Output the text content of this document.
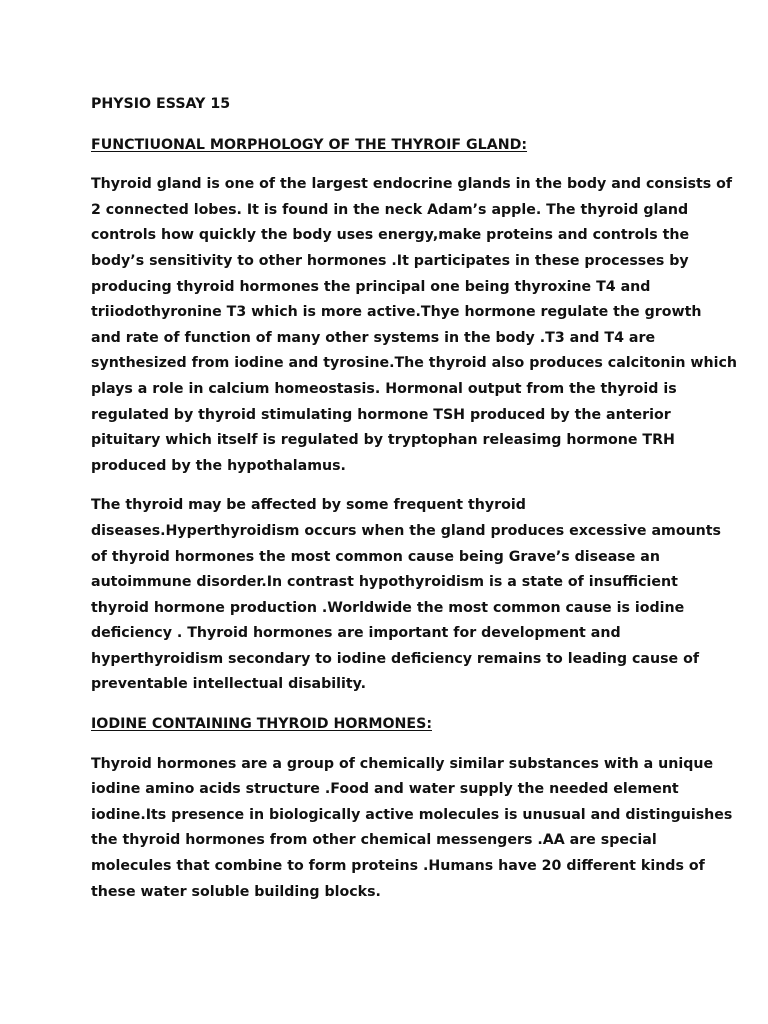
PHYSIO ESSAY 15
FUNCTIUONAL MORPHOLOGY OF THE THYROIF GLAND:
Thyroid gland is one of the largest endocrine glands in the body and consists of
2 connected lobes. It is found in the neck Adam’s apple. The thyroid gland
controls how quickly the body uses energy,make proteins and controls the
body’s sensitivity to other hormones .It participates in these processes by
producing thyroid hormones the principal one being thyroxine T4 and
triiodothyronine T3 which is more active.Thye hormone regulate the growth
and rate of function of many other systems in the body .T3 and T4 are
synthesized from iodine and tyrosine.The thyroid also produces calcitonin which
plays a role in calcium homeostasis. Hormonal output from the thyroid is
regulated by thyroid stimulating hormone TSH produced by the anterior
pituitary which itself is regulated by tryptophan releasimg hormone TRH
produced by the hypothalamus.
The thyroid may be affected by some frequent thyroid
diseases.Hyperthyroidism occurs when the gland produces excessive amounts
of thyroid hormones the most common cause being Grave’s disease an
autoimmune disorder.In contrast hypothyroidism is a state of insufficient
thyroid hormone production .Worldwide the most common cause is iodine
deficiency . Thyroid hormones are important for development and
hyperthyroidism secondary to iodine deficiency remains to leading cause of
preventable intellectual disability.
IODINE CONTAINING THYROID HORMONES:
Thyroid hormones are a group of chemically similar substances with a unique
iodine amino acids structure .Food and water supply the needed element
iodine.Its presence in biologically active molecules is unusual and distinguishes
the thyroid hormones from other chemical messengers .AA are special
molecules that combine to form proteins .Humans have 20 different kinds of
these water soluble building blocks.
